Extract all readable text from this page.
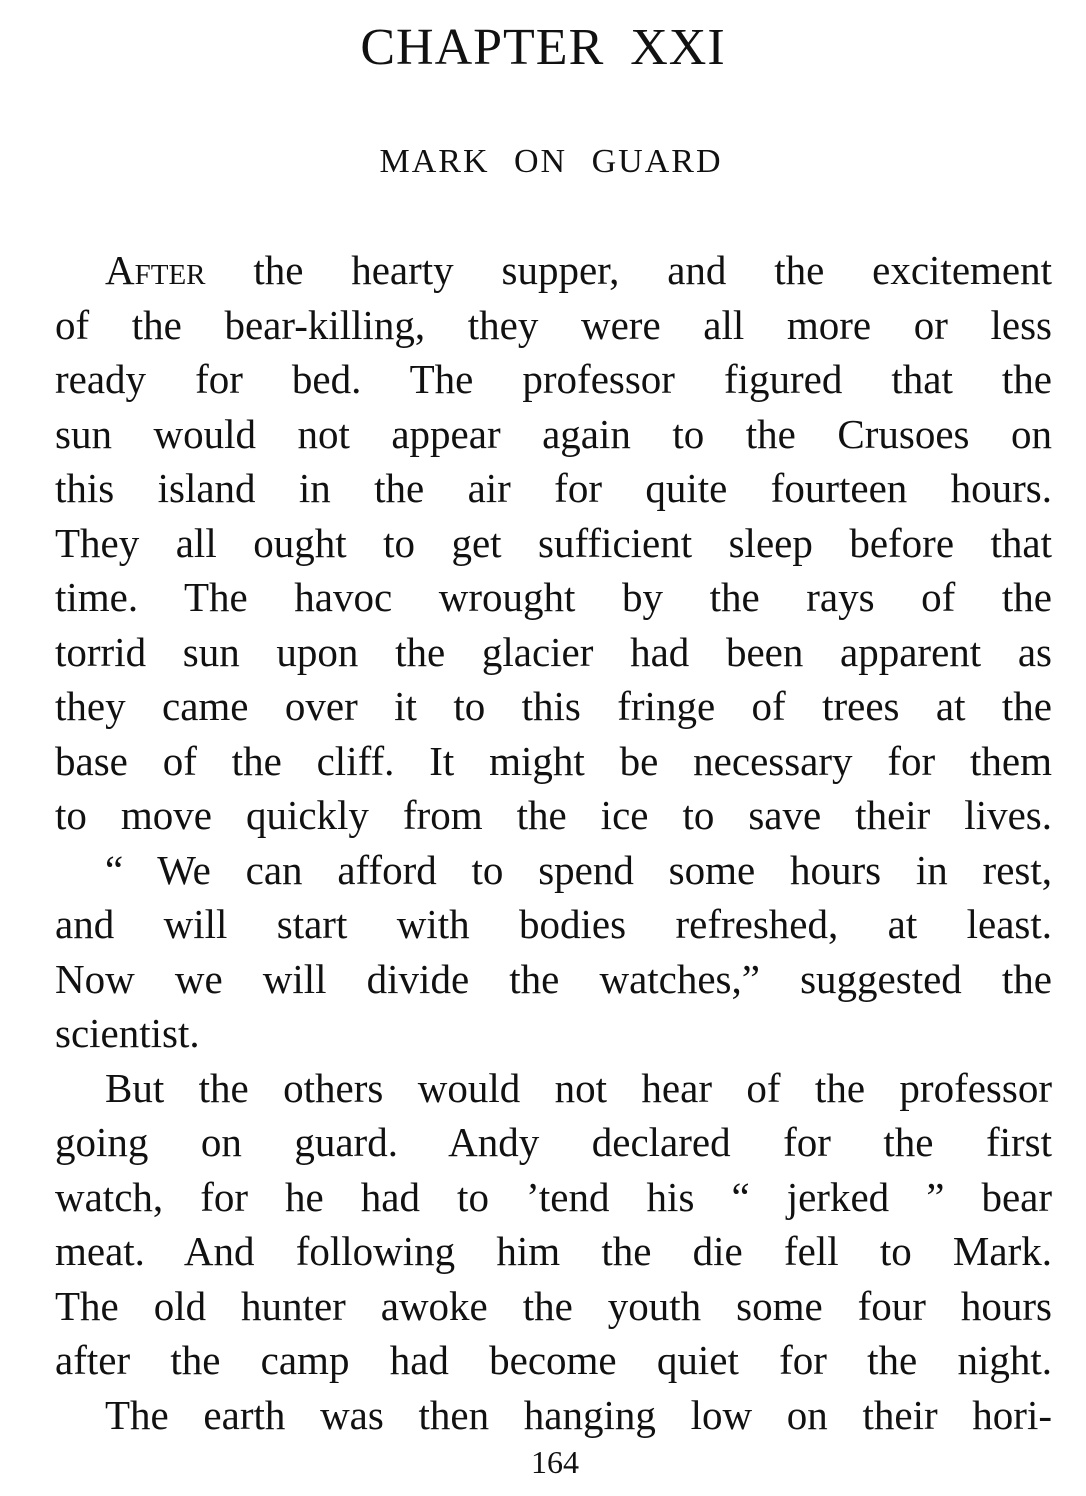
CHAPTER XXI
MARK ON GUARD
After the hearty supper, and the excitement
of the bear-killing, they were all more or less
ready for bed. The professor figured that the
sun would not appear again to the Crusoes on
this island in the air for quite fourteen hours.
They all ought to get sufficient sleep before that
time. The havoc wrought by the rays of the
torrid sun upon the glacier had been apparent as
they came over it to this fringe of trees at the
base of the cliff. It might be necessary for them
to move quickly from the ice to save their lives.
“ We can afford to spend some hours in rest,
and will start with bodies refreshed, at least.
Now we will divide the watches,” suggested the
scientist.
But the others would not hear of the professor
going on guard. Andy declared for the first
watch, for he had to ’tend his “ jerked ” bear
meat. And following him the die fell to Mark.
The old hunter awoke the youth some four hours
after the camp had become quiet for the night.
The earth was then hanging low on their hori-
164
